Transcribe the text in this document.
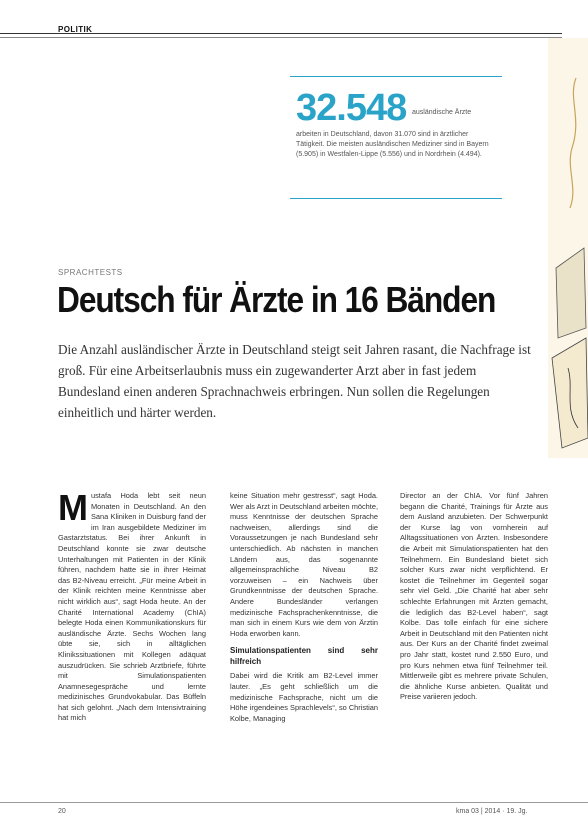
POLITIK
32.548 ausländische Ärzte
arbeiten in Deutschland, davon 31.070 sind in ärztlicher Tätigkeit. Die meisten ausländischen Mediziner sind in Bayern (5.905) in Westfalen-Lippe (5.556) und in Nordrhein (4.494).
SPRACHTESTS
Deutsch für Ärzte in 16 Bänden
Die Anzahl ausländischer Ärzte in Deutschland steigt seit Jahren rasant, die Nachfrage ist groß. Für eine Arbeitserlaubnis muss ein zugewanderter Arzt aber in fast jedem Bundesland einen anderen Sprachnachweis erbringen. Nun sollen die Regelungen einheitlich und härter werden.
Mustafa Hoda lebt seit neun Monaten in Deutschland. An den Sana Kliniken in Duisburg fand der im Iran ausgebildete Mediziner im Gastarztstatus. Bei ihrer Ankunft in Deutschland konnte sie zwar deutsche Unterhaltungen mit Patienten in der Klinik führen, nachdem hatte sie in ihrer Heimat das B2-Niveau erreicht. „Für meine Arbeit in der Klinik reichten meine Kenntnisse aber nicht wirklich aus“, sagt Hoda heute. An der Charité International Academy (ChIA) belegte Hoda einen Kommunikationskurs für ausländische Ärzte. Sechs Wochen lang übte sie, sich in alltäglichen Klinikssituationen mit Kollegen adäquat auszudrücken. Sie schrieb Arztbriefe, führte mit Simulationspatienten Anamnesegespräche und lernte medizinisches Grundvokabular. Das Büffeln hat sich gelohnt. „Nach dem Intensivtraining hat mich
keine Situation mehr gestresst“, sagt Hoda. Wer als Arzt in Deutschland arbeiten möchte, muss Kenntnisse der deutschen Sprache nachweisen, allerdings sind die Voraussetzungen je nach Bundesland sehr unterschiedlich. Ab nächsten in manchen Ländern aus, das sogenannte allgemeinsprachliche Niveau B2 vorzuweisen – ein Nachweis über Grundkenntnisse der deutschen Sprache. Andere Bundesländer verlangen medizinische Fachsprachenkenntnisse, die man sich in einem Kurs wie dem von Ärztin Hoda erworben kann.
Simulationspatienten sind sehr hilfreich
Dabei wird die Kritik am B2-Level immer lauter. „Es geht schließlich um die medizinische Fachsprache, nicht um die Höhe irgendeines Sprachlevels“, so Christian Kolbe, Managing
Director an der ChIA. Vor fünf Jahren begann die Charité, Trainings für Ärzte aus dem Ausland anzubieten. Der Schwerpunkt der Kurse lag von vornherein auf Alltagssituationen von Ärzten. Insbesondere die Arbeit mit Simulationspatienten hat den Teilnehmern. Ein Bundesland bietet sich solcher Kurs zwar nicht verpflichtend. Er kostet die Teilnehmer im Gegenteil sogar sehr viel Geld. „Die Charité hat aber sehr schlechte Erfahrungen mit Ärzten gemacht, die lediglich das B2-Level haben“, sagt Kolbe. Das tolle einfach für eine sichere Arbeit in Deutschland mit den Patienten nicht aus. Der Kurs an der Charité findet zweimal pro Jahr statt, kostet rund 2.550 Euro, und pro Kurs nehmen etwa fünf Teilnehmer teil. Mittlerweile gibt es mehrere private Schulen, die ähnliche Kurse anbieten. Qualität und Preise variieren jedoch.
20	kma 03 | 2014 · 19. Jg.
